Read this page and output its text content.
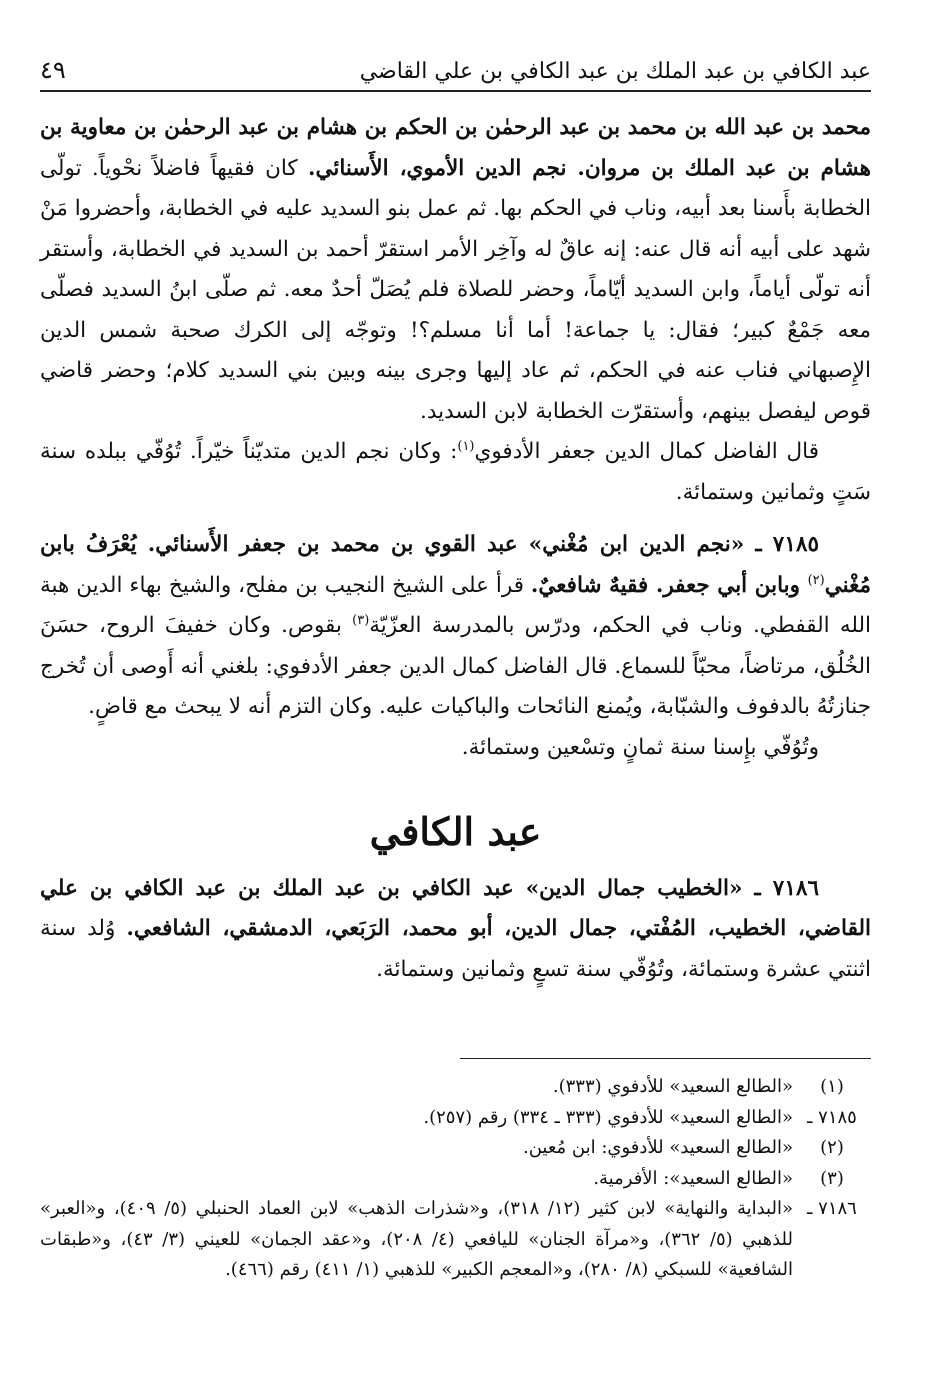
عبد الكافي بن عبد الملك بن عبد الكافي بن علي القاضي
٤٩

محمد بن عبد الله بن محمد بن عبد الرحمٰن بن الحكم بن هشام بن عبد الرحمٰن بن معاوية بن هشام بن عبد الملك بن مروان. نجم الدين الأموي، الأَسنائي. كان فقيهاً فاضلاً نحْوياً. تولّى الخطابة بأَسنا بعد أبيه، وناب في الحكم بها. ثم عمل بنو السديد عليه في الخطابة، وأحضروا مَنْ شهد على أبيه أنه قال عنه: إنه عاقٌ له وآخِر الأمر استقرّ أحمد بن السديد في الخطابة، وأستقر أنه تولّى أياماً، وابن السديد أيّاماً، وحضر للصلاة فلم يُصَلّ أحدٌ معه. ثم صلّى ابنُ السديد فصلّى معه جَمْعٌ كبير؛ فقال: يا جماعة! أما أنا مسلم؟! وتوجّه إلى الكرك صحبة شمس الدين الإِصبهاني فناب عنه في الحكم، ثم عاد إليها وجرى بينه وبين بني السديد كلام؛ وحضر قاضي قوص ليفصل بينهم، وأستقرّت الخطابة لابن السديد.

قال الفاضل كمال الدين جعفر الأدفوي$^{(١)}$: وكان نجم الدين متديّناً خيّراً. تُوُفّي ببلده سنة سَتٍ وثمانين وستمائة.

٧١٨٥ ـ «نجم الدين ابن مُغْني» عبد القوي بن محمد بن جعفر الأَسنائي. يُعْرَفُ بابن مُغْني$^{(٢)}$ وبابن أبي جعفر. فقيهٌ شافعيٌ. قرأ على الشيخ النجيب بن مفلح، والشيخ بهاء الدين هبة الله القفطي. وناب في الحكم، ودرّس بالمدرسة العزّيّة$^{(٣)}$ بقوص. وكان خفيفَ الروح، حسَنَ الخُلُق، مرتاضاً، محبّاً للسماع. قال الفاضل كمال الدين جعفر الأدفوي: بلغني أنه أَوصى أن تُخرج جنازتُهُ بالدفوف والشبّابة، ويُمنع النائحات والباكيات عليه. وكان التزم أنه لا يبحث مع قاضٍ.

وتُوُفّي بإِسنا سنة ثمانٍ وتسْعين وستمائة.

عبد الكافي

٧١٨٦ ـ «الخطيب جمال الدين» عبد الكافي بن عبد الملك بن عبد الكافي بن علي القاضي، الخطيب، المُفْتي، جمال الدين، أبو محمد، الرَبَعي، الدمشقي، الشافعي. وُلد سنة اثنتي عشرة وستمائة، وتُوُفّي سنة تسعٍ وثمانين وستمائة.

(١)
«الطالع السعيد» للأدفوي (٣٣٣).
٧١٨٥ ـ
«الطالع السعيد» للأدفوي (٣٣٣ ـ ٣٣٤) رقم (٢٥٧).
(٢)
«الطالع السعيد» للأدفوي: ابن مُعين.
(٣)
«الطالع السعيد»: الأفرمية.
٧١٨٦ ـ
«البداية والنهاية» لابن كثير (١٢/ ٣١٨)، و«شذرات الذهب» لابن العماد الحنبلي (٥/ ٤٠٩)، و«العبر» للذهبي (٥/ ٣٦٢)، و«مرآة الجنان» لليافعي (٤/ ٢٠٨)، و«عقد الجمان» للعيني (٣/ ٤٣)، و«طبقات الشافعية» للسبكي (٨/ ٢٨٠)، و«المعجم الكبير» للذهبي (١/ ٤١١) رقم (٤٦٦).
